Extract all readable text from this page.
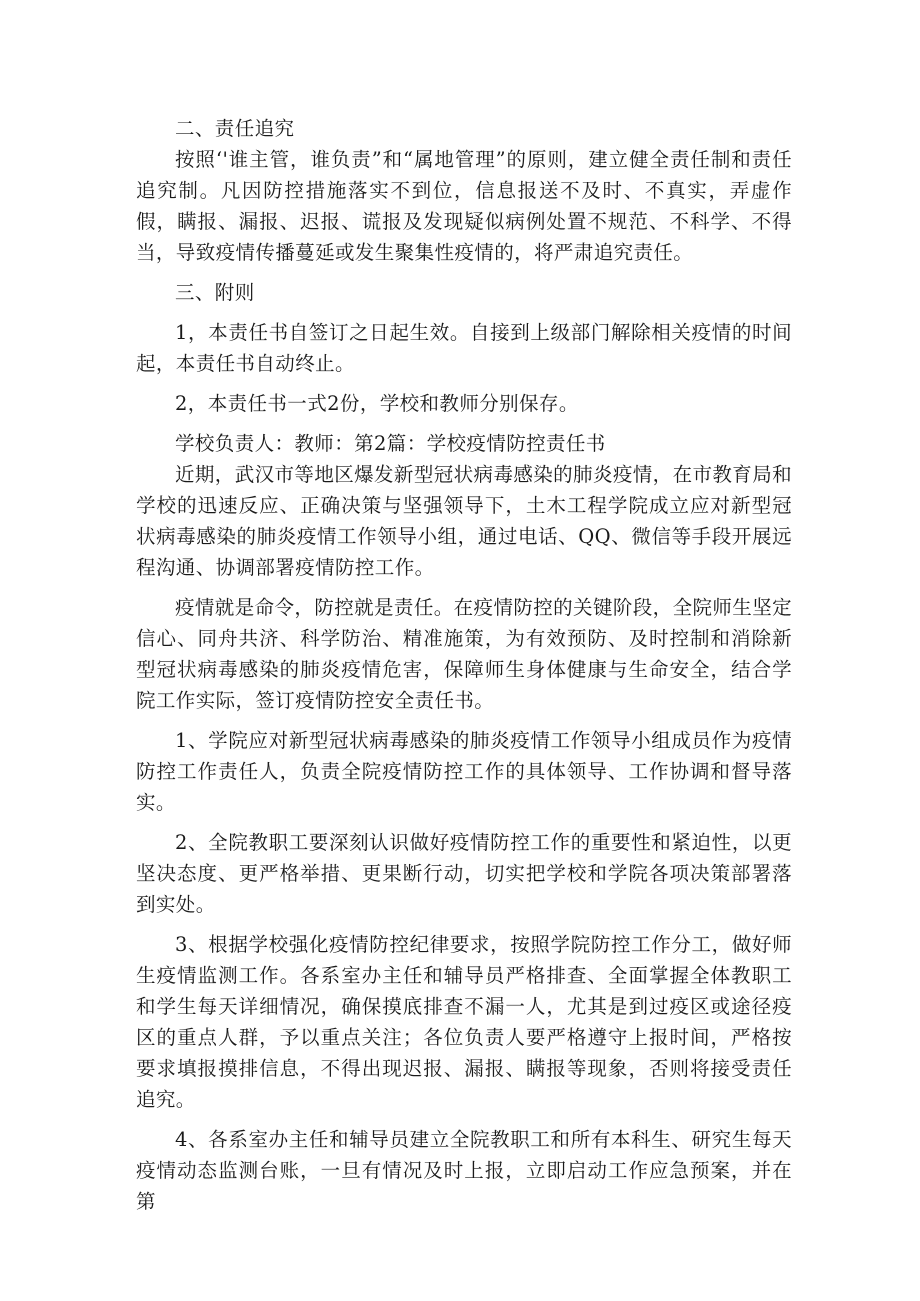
二、责任追究

按照‘'谁主管，谁负责”和“属地管理”的原则，建立健全责任制和责任追究制。凡因防控措施落实不到位，信息报送不及时、不真实，弄虚作假，瞒报、漏报、迟报、谎报及发现疑似病例处置不规范、不科学、不得当，导致疫情传播蔓延或发生聚集性疫情的，将严肃追究责任。

三、附则

1，本责任书自签订之日起生效。自接到上级部门解除相关疫情的时间起，本责任书自动终止。

2，本责任书一式2份，学校和教师分别保存。

学校负责人：教师：第2篇：学校疫情防控责任书

近期，武汉市等地区爆发新型冠状病毒感染的肺炎疫情，在市教育局和学校的迅速反应、正确决策与坚强领导下，土木工程学院成立应对新型冠状病毒感染的肺炎疫情工作领导小组，通过电话、QQ、微信等手段开展远程沟通、协调部署疫情防控工作。

疫情就是命令，防控就是责任。在疫情防控的关键阶段，全院师生坚定信心、同舟共济、科学防治、精准施策，为有效预防、及时控制和消除新型冠状病毒感染的肺炎疫情危害，保障师生身体健康与生命安全，结合学院工作实际，签订疫情防控安全责任书。

1、学院应对新型冠状病毒感染的肺炎疫情工作领导小组成员作为疫情防控工作责任人，负责全院疫情防控工作的具体领导、工作协调和督导落实。

2、全院教职工要深刻认识做好疫情防控工作的重要性和紧迫性，以更坚决态度、更严格举措、更果断行动，切实把学校和学院各项决策部署落到实处。

3、根据学校强化疫情防控纪律要求，按照学院防控工作分工，做好师生疫情监测工作。各系室办主任和辅导员严格排查、全面掌握全体教职工和学生每天详细情况，确保摸底排查不漏一人，尤其是到过疫区或途径疫区的重点人群，予以重点关注；各位负责人要严格遵守上报时间，严格按要求填报摸排信息，不得出现迟报、漏报、瞒报等现象，否则将接受责任追究。

4、各系室办主任和辅导员建立全院教职工和所有本科生、研究生每天疫情动态监测台账，一旦有情况及时上报，立即启动工作应急预案，并在第
